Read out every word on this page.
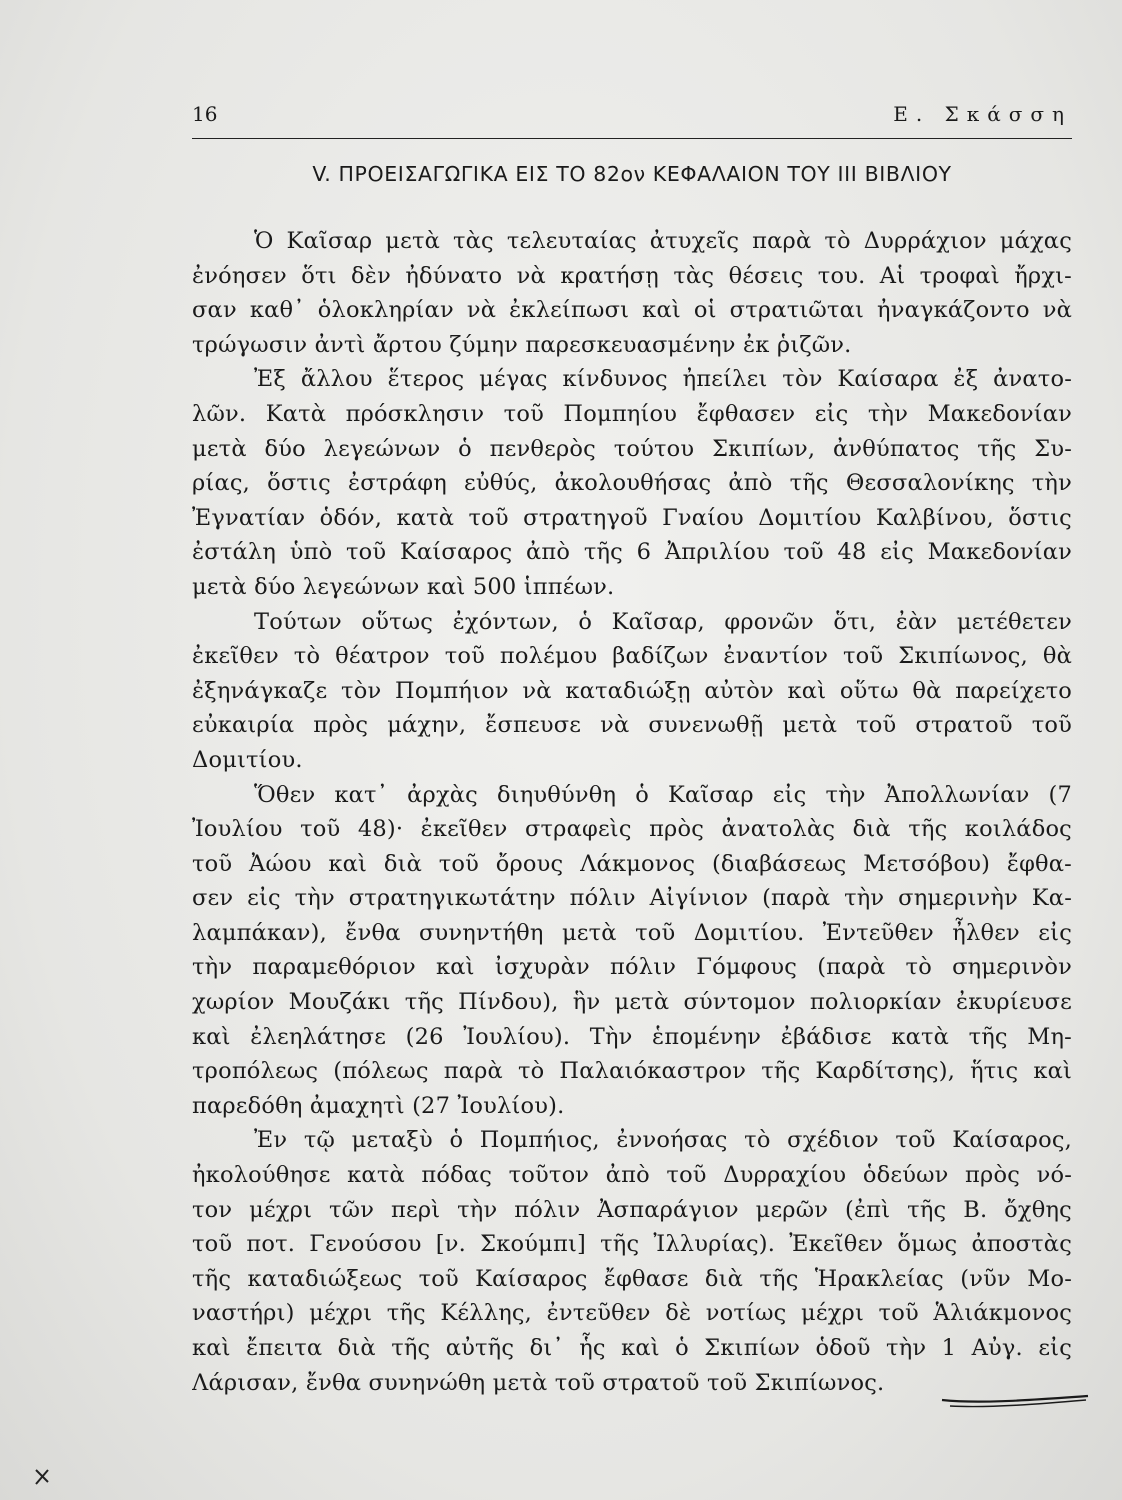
16	Ε. Σκάσση
V. ΠΡΟΕΙΣΑΓΩΓΙΚΑ ΕΙΣ ΤΟ 82ον ΚΕΦΑΛΑΙΟΝ ΤΟΥ ΙΙΙ ΒΙΒΛΙΟΥ
Ὁ Καῖσαρ μετὰ τὰς τελευταίας ἀτυχεῖς παρὰ τὸ Δυρράχιον μάχας
ἐνόησεν ὅτι δὲν ἠδύνατο νὰ κρατήσῃ τὰς θέσεις του. Αἱ τροφαὶ ἤρχι-
σαν καθ᾽ ὁλοκληρίαν νὰ ἐκλείπωσι καὶ οἱ στρατιῶται ἠναγκάζοντο νὰ
τρώγωσιν ἀντὶ ἄρτου ζύμην παρεσκευασμένην ἐκ ῥιζῶν.
Ἐξ ἄλλου ἕτερος μέγας κίνδυνος ἠπείλει τὸν Καίσαρα ἐξ ἀνατο-
λῶν. Κατὰ πρόσκλησιν τοῦ Πομπηίου ἔφθασεν εἰς τὴν Μακεδονίαν
μετὰ δύο λεγεώνων ὁ πενθερὸς τούτου Σκιπίων, ἀνθύπατος τῆς Συ-
ρίας, ὅστις ἐστράφη εὐθύς, ἀκολουθήσας ἀπὸ τῆς Θεσσαλονίκης τὴν
Ἐγνατίαν ὁδόν, κατὰ τοῦ στρατηγοῦ Γναίου Δομιτίου Καλβίνου, ὅστις
ἐστάλη ὑπὸ τοῦ Καίσαρος ἀπὸ τῆς 6 Ἀπριλίου τοῦ 48 εἰς Μακεδονίαν
μετὰ δύο λεγεώνων καὶ 500 ἱππέων.
Τούτων οὕτως ἐχόντων, ὁ Καῖσαρ, φρονῶν ὅτι, ἐὰν μετέθετεν
ἐκεῖθεν τὸ θέατρον τοῦ πολέμου βαδίζων ἐναντίον τοῦ Σκιπίωνος, θὰ
ἐξηνάγκαζε τὸν Πομπήιον νὰ καταδιώξῃ αὐτὸν καὶ οὕτω θὰ παρείχετο
εὐκαιρία πρὸς μάχην, ἔσπευσε νὰ συνενωθῇ μετὰ τοῦ στρατοῦ τοῦ
Δομιτίου.
Ὅθεν κατ᾽ ἀρχὰς διηυθύνθη ὁ Καῖσαρ εἰς τὴν Ἀπολλωνίαν (7
Ἰουλίου τοῦ 48)· ἐκεῖθεν στραφεὶς πρὸς ἀνατολὰς διὰ τῆς κοιλάδος
τοῦ Ἀώου καὶ διὰ τοῦ ὄρους Λάκμονος (διαβάσεως Μετσόβου) ἔφθα-
σεν εἰς τὴν στρατηγικωτάτην πόλιν Αἰγίνιον (παρὰ τὴν σημερινὴν Κα-
λαμπάκαν), ἔνθα συνηντήθη μετὰ τοῦ Δομιτίου. Ἐντεῦθεν ἦλθεν εἰς
τὴν παραμεθόριον καὶ ἰσχυρὰν πόλιν Γόμφους (παρὰ τὸ σημερινὸν
χωρίον Μουζάκι τῆς Πίνδου), ἣν μετὰ σύντομον πολιορκίαν ἐκυρίευσε
καὶ ἐλεηλάτησε (26 Ἰουλίου). Τὴν ἑπομένην ἐβάδισε κατὰ τῆς Μη-
τροπόλεως (πόλεως παρὰ τὸ Παλαιόκαστρον τῆς Καρδίτσης), ἥτις καὶ
παρεδόθη ἀμαχητὶ (27 Ἰουλίου).
Ἐν τῷ μεταξὺ ὁ Πομπήιος, ἐννοήσας τὸ σχέδιον τοῦ Καίσαρος,
ἠκολούθησε κατὰ πόδας τοῦτον ἀπὸ τοῦ Δυρραχίου ὁδεύων πρὸς νό-
τον μέχρι τῶν περὶ τὴν πόλιν Ἀσπαράγιον μερῶν (ἐπὶ τῆς Β. ὄχθης
τοῦ ποτ. Γενούσου [ν. Σκούμπι] τῆς Ἰλλυρίας). Ἐκεῖθεν ὅμως ἀποστὰς
τῆς καταδιώξεως τοῦ Καίσαρος ἔφθασε διὰ τῆς Ἡρακλείας (νῦν Μο-
ναστήρι) μέχρι τῆς Κέλλης, ἐντεῦθεν δὲ νοτίως μέχρι τοῦ Ἁλιάκμονος
καὶ ἔπειτα διὰ τῆς αὐτῆς δι᾽ ἧς καὶ ὁ Σκιπίων ὁδοῦ τὴν 1 Αὐγ. εἰς
Λάρισαν, ἔνθα συνηνώθη μετὰ τοῦ στρατοῦ τοῦ Σκιπίωνος.
